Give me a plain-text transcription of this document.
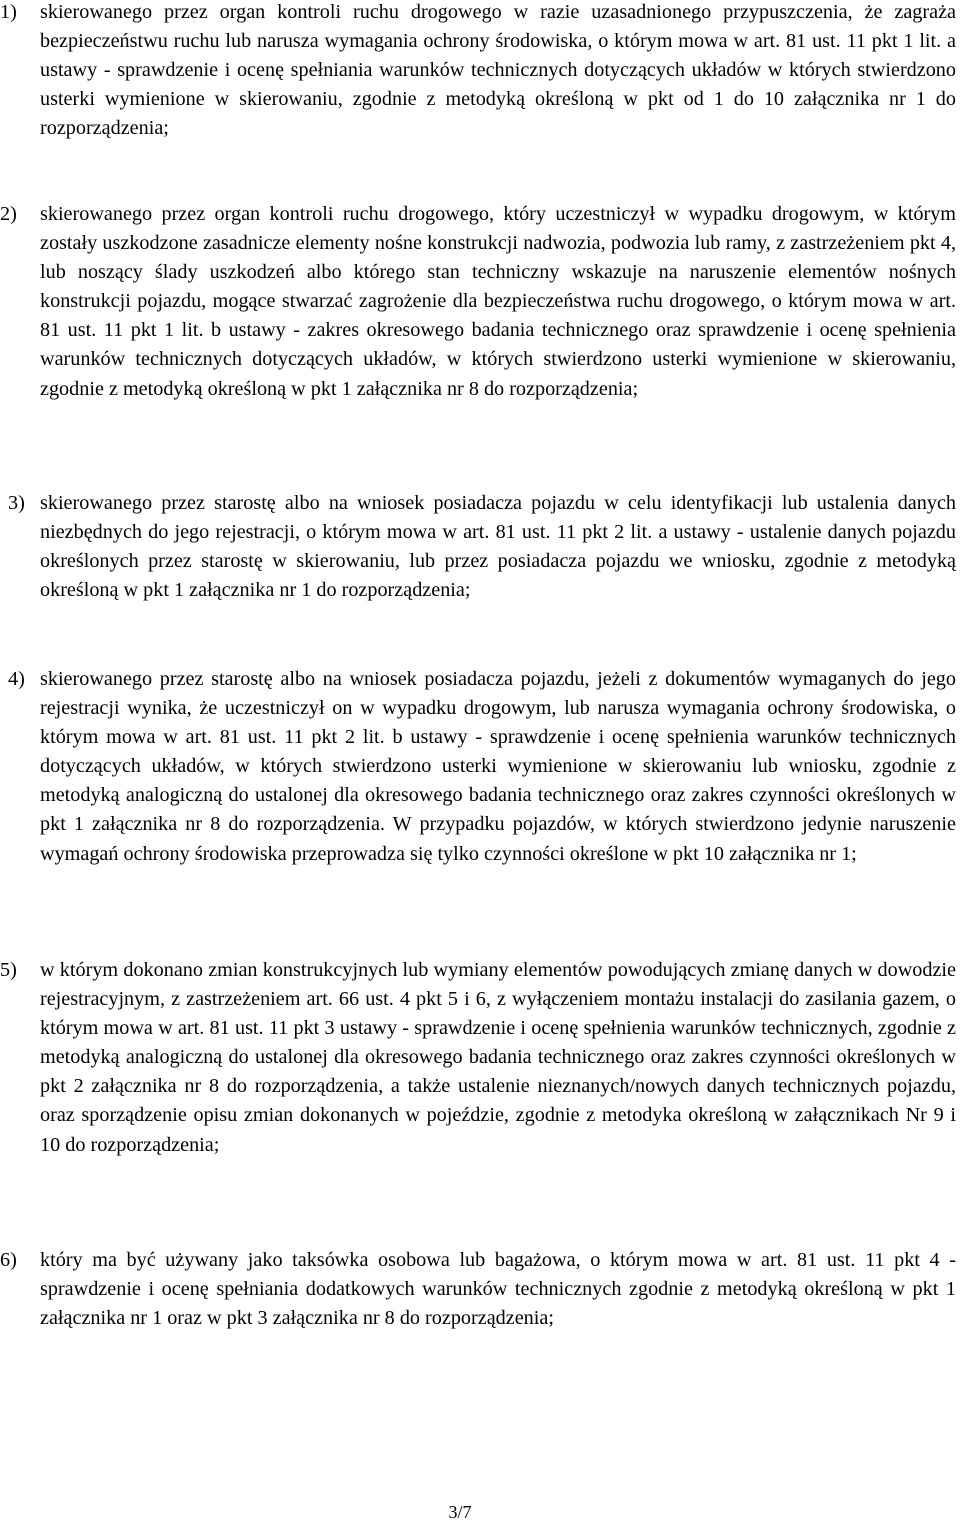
1)	skierowanego przez organ kontroli ruchu drogowego w razie uzasadnionego przypuszczenia, że zagraża bezpieczeństwu ruchu lub narusza wymagania ochrony środowiska, o którym mowa w art. 81 ust. 11 pkt 1 lit. a ustawy - sprawdzenie i ocenę spełniania warunków technicznych dotyczących układów w których stwierdzono usterki wymienione w skierowaniu, zgodnie z metodyką określoną w pkt od 1 do 10 załącznika nr 1 do rozporządzenia;
2)	skierowanego przez organ kontroli ruchu drogowego, który uczestniczył w wypadku drogowym, w którym zostały uszkodzone zasadnicze elementy nośne konstrukcji nadwozia, podwozia lub ramy, z zastrzeżeniem pkt 4, lub noszący ślady uszkodzeń albo którego stan techniczny wskazuje na naruszenie elementów nośnych konstrukcji pojazdu, mogące stwarzać zagrożenie dla bezpieczeństwa ruchu drogowego, o którym mowa w art. 81 ust. 11 pkt 1 lit. b ustawy - zakres okresowego badania technicznego oraz sprawdzenie i ocenę spełnienia warunków technicznych dotyczących układów, w których stwierdzono usterki wymienione w skierowaniu, zgodnie z metodyką określoną w pkt 1 załącznika nr 8 do rozporządzenia;
3) skierowanego przez starostę albo na wniosek posiadacza pojazdu w celu identyfikacji lub ustalenia danych niezbędnych do jego rejestracji, o którym mowa w art. 81 ust. 11 pkt 2 lit. a ustawy - ustalenie danych pojazdu określonych przez starostę w skierowaniu, lub przez posiadacza pojazdu we wniosku, zgodnie z metodyką określoną w pkt 1 załącznika nr 1 do rozporządzenia;
4) skierowanego przez starostę albo na wniosek posiadacza pojazdu, jeżeli z dokumentów wymaganych do jego rejestracji wynika, że uczestniczył on w wypadku drogowym, lub narusza wymagania ochrony środowiska, o którym mowa w art. 81 ust. 11 pkt 2 lit. b ustawy - sprawdzenie i ocenę spełnienia warunków technicznych dotyczących układów, w których stwierdzono usterki wymienione w skierowaniu lub wniosku, zgodnie z metodyką analogiczną do ustalonej dla okresowego badania technicznego oraz zakres czynności określonych w pkt 1 załącznika nr 8 do rozporządzenia. W przypadku pojazdów, w których stwierdzono jedynie naruszenie wymagań ochrony środowiska przeprowadza się tylko czynności określone w pkt 10 załącznika nr 1;
5)	w którym dokonano zmian konstrukcyjnych lub wymiany elementów powodujących zmianę danych w dowodzie rejestracyjnym, z zastrzeżeniem art. 66 ust. 4 pkt 5 i 6, z wyłączeniem montażu instalacji do zasilania gazem, o którym mowa w art. 81 ust. 11 pkt 3 ustawy - sprawdzenie i ocenę spełnienia warunków technicznych, zgodnie z metodyką analogiczną do ustalonej dla okresowego badania technicznego oraz zakres czynności określonych w pkt 2 załącznika nr 8 do rozporządzenia, a także ustalenie nieznanych/nowych danych technicznych pojazdu, oraz sporządzenie opisu zmian dokonanych w pojeździe, zgodnie z metodyka określoną w załącznikach Nr 9 i 10 do rozporządzenia;
6)	który ma być używany jako taksówka osobowa lub bagażowa, o którym mowa w art. 81 ust. 11 pkt 4 - sprawdzenie i ocenę spełniania dodatkowych warunków technicznych zgodnie z metodyką określoną w pkt 1 załącznika nr 1 oraz w pkt 3 załącznika nr 8 do rozporządzenia;
3/7
